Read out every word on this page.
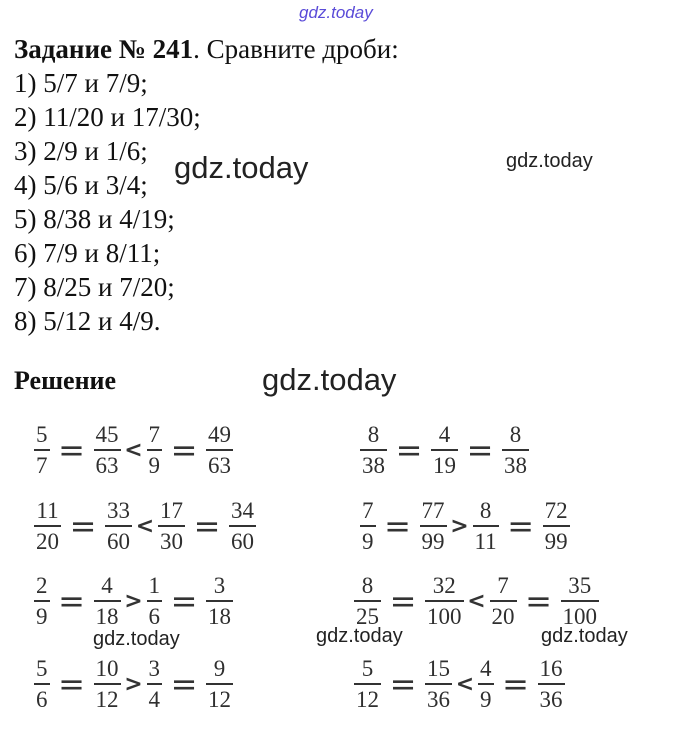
gdz.today
gdz.today	gdz.today
gdz.today
gdz.today	gdz.today	gdz.today
Задание № 241. Сравните дроби:
1) 5/7 и 7/9;
2) 11/20 и 17/30;
3) 2/9 и 1/6;
4) 5/6 и 3/4;
5) 8/38 и 4/19;
6) 7/9 и 8/11;
7) 8/25 и 7/20;
8) 5/12 и 4/9.
Решение
$\frac{5}{7} = \frac{45}{63} < \frac{7}{9} = \frac{49}{63}$	$\frac{8}{38} = \frac{4}{19} = \frac{8}{38}$
$\frac{11}{20} = \frac{33}{60} < \frac{17}{30} = \frac{34}{60}$	$\frac{7}{9} = \frac{77}{99} > \frac{8}{11} = \frac{72}{99}$
$\frac{2}{9} = \frac{4}{18} > \frac{1}{6} = \frac{3}{18}$	$\frac{8}{25} = \frac{32}{100} < \frac{7}{20} = \frac{35}{100}$
$\frac{5}{6} = \frac{10}{12} > \frac{3}{4} = \frac{9}{12}$	$\frac{5}{12} = \frac{15}{36} < \frac{4}{9} = \frac{16}{36}$
